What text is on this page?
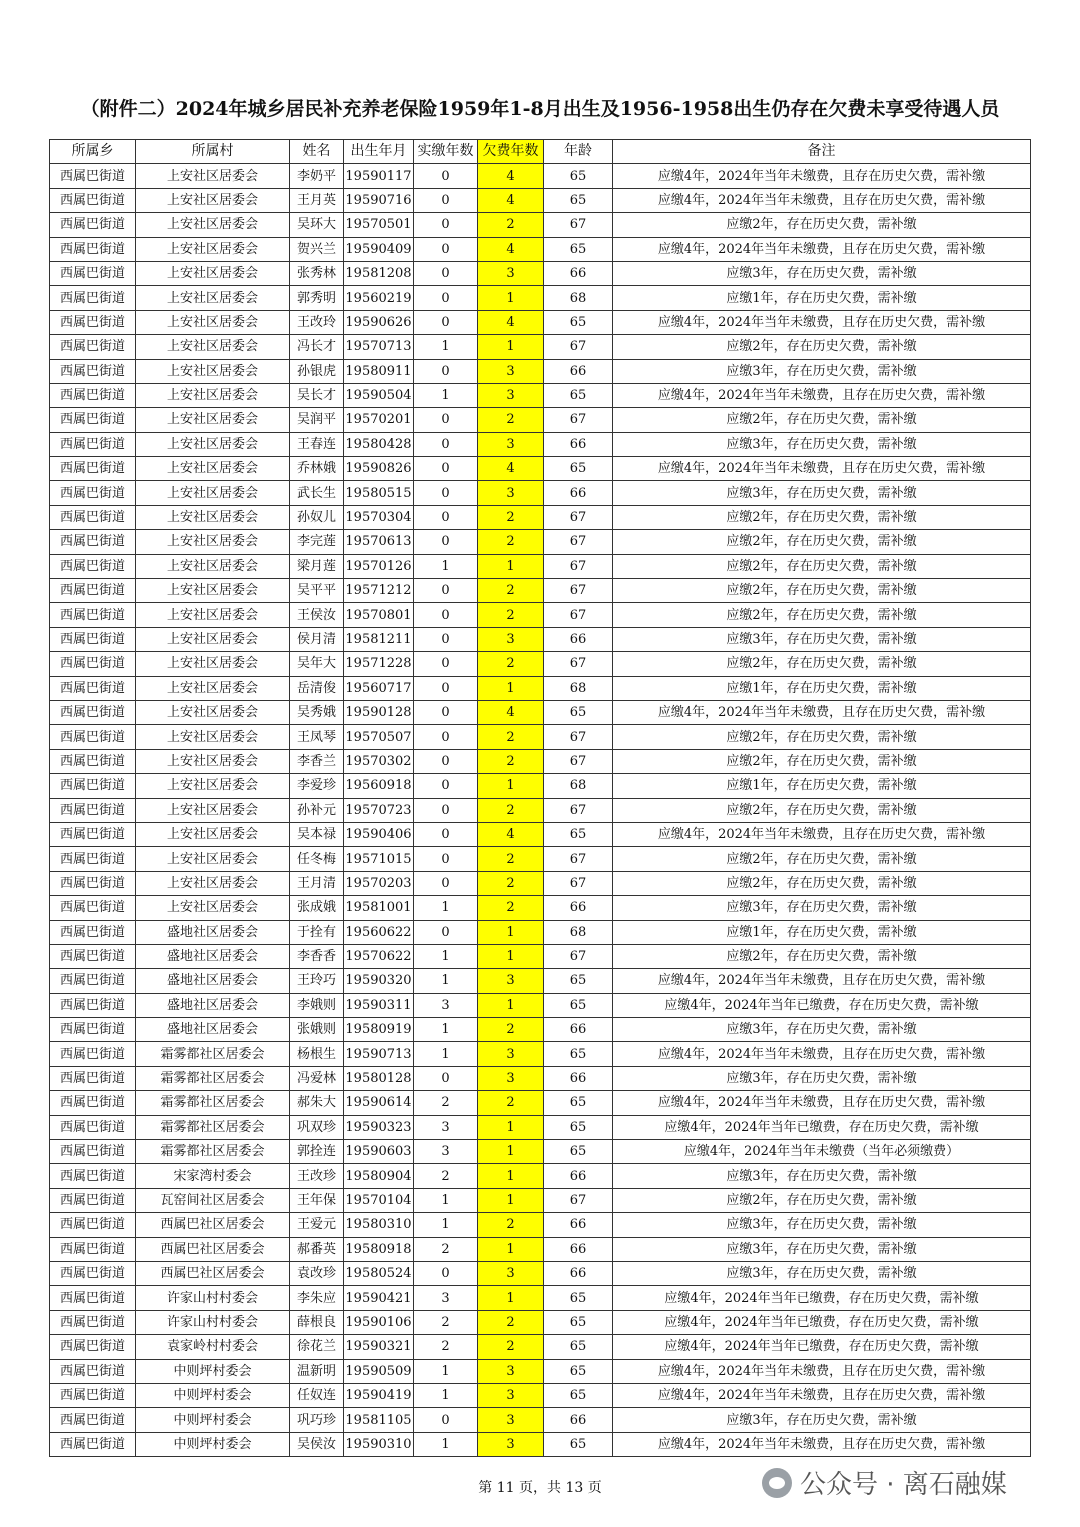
（附件二）2024年城乡居民补充养老保险1959年1-8月出生及1956-1958出生仍存在欠费未享受待遇人员
所属乡	所属村	姓名	出生年月	实缴年数	欠费年数	年龄	备注
西属巴街道	上安社区居委会	李奶平	19590117	0	4	65	应缴4年，2024年当年未缴费，且存在历史欠费，需补缴
西属巴街道	上安社区居委会	王月英	19590716	0	4	65	应缴4年，2024年当年未缴费，且存在历史欠费，需补缴
西属巴街道	上安社区居委会	吴环大	19570501	0	2	67	应缴2年，存在历史欠费，需补缴
西属巴街道	上安社区居委会	贺兴兰	19590409	0	4	65	应缴4年，2024年当年未缴费，且存在历史欠费，需补缴
西属巴街道	上安社区居委会	张秀林	19581208	0	3	66	应缴3年，存在历史欠费，需补缴
西属巴街道	上安社区居委会	郭秀明	19560219	0	1	68	应缴1年，存在历史欠费，需补缴
西属巴街道	上安社区居委会	王改玲	19590626	0	4	65	应缴4年，2024年当年未缴费，且存在历史欠费，需补缴
西属巴街道	上安社区居委会	冯长才	19570713	1	1	67	应缴2年，存在历史欠费，需补缴
西属巴街道	上安社区居委会	孙银虎	19580911	0	3	66	应缴3年，存在历史欠费，需补缴
西属巴街道	上安社区居委会	吴长才	19590504	1	3	65	应缴4年，2024年当年未缴费，且存在历史欠费，需补缴
西属巴街道	上安社区居委会	吴润平	19570201	0	2	67	应缴2年，存在历史欠费，需补缴
西属巴街道	上安社区居委会	王春连	19580428	0	3	66	应缴3年，存在历史欠费，需补缴
西属巴街道	上安社区居委会	乔林娥	19590826	0	4	65	应缴4年，2024年当年未缴费，且存在历史欠费，需补缴
西属巴街道	上安社区居委会	武长生	19580515	0	3	66	应缴3年，存在历史欠费，需补缴
西属巴街道	上安社区居委会	孙奴儿	19570304	0	2	67	应缴2年，存在历史欠费，需补缴
西属巴街道	上安社区居委会	李完莲	19570613	0	2	67	应缴2年，存在历史欠费，需补缴
西属巴街道	上安社区居委会	梁月莲	19570126	1	1	67	应缴2年，存在历史欠费，需补缴
西属巴街道	上安社区居委会	吴平平	19571212	0	2	67	应缴2年，存在历史欠费，需补缴
西属巴街道	上安社区居委会	王侯汝	19570801	0	2	67	应缴2年，存在历史欠费，需补缴
西属巴街道	上安社区居委会	侯月清	19581211	0	3	66	应缴3年，存在历史欠费，需补缴
西属巴街道	上安社区居委会	吴年大	19571228	0	2	67	应缴2年，存在历史欠费，需补缴
西属巴街道	上安社区居委会	岳清俊	19560717	0	1	68	应缴1年，存在历史欠费，需补缴
西属巴街道	上安社区居委会	吴秀娥	19590128	0	4	65	应缴4年，2024年当年未缴费，且存在历史欠费，需补缴
西属巴街道	上安社区居委会	王凤琴	19570507	0	2	67	应缴2年，存在历史欠费，需补缴
西属巴街道	上安社区居委会	李香兰	19570302	0	2	67	应缴2年，存在历史欠费，需补缴
西属巴街道	上安社区居委会	李爱珍	19560918	0	1	68	应缴1年，存在历史欠费，需补缴
西属巴街道	上安社区居委会	孙补元	19570723	0	2	67	应缴2年，存在历史欠费，需补缴
西属巴街道	上安社区居委会	吴本禄	19590406	0	4	65	应缴4年，2024年当年未缴费，且存在历史欠费，需补缴
西属巴街道	上安社区居委会	任冬梅	19571015	0	2	67	应缴2年，存在历史欠费，需补缴
西属巴街道	上安社区居委会	王月清	19570203	0	2	67	应缴2年，存在历史欠费，需补缴
西属巴街道	上安社区居委会	张成娥	19581001	1	2	66	应缴3年，存在历史欠费，需补缴
西属巴街道	盛地社区居委会	于拴有	19560622	0	1	68	应缴1年，存在历史欠费，需补缴
西属巴街道	盛地社区居委会	李香香	19570622	1	1	67	应缴2年，存在历史欠费，需补缴
西属巴街道	盛地社区居委会	王玲巧	19590320	1	3	65	应缴4年，2024年当年未缴费，且存在历史欠费，需补缴
西属巴街道	盛地社区居委会	李娥则	19590311	3	1	65	应缴4年，2024年当年已缴费，存在历史欠费，需补缴
西属巴街道	盛地社区居委会	张娥则	19580919	1	2	66	应缴3年，存在历史欠费，需补缴
西属巴街道	霜雾都社区居委会	杨根生	19590713	1	3	65	应缴4年，2024年当年未缴费，且存在历史欠费，需补缴
西属巴街道	霜雾都社区居委会	冯爱林	19580128	0	3	66	应缴3年，存在历史欠费，需补缴
西属巴街道	霜雾都社区居委会	郝朱大	19590614	2	2	65	应缴4年，2024年当年未缴费，且存在历史欠费，需补缴
西属巴街道	霜雾都社区居委会	巩双珍	19590323	3	1	65	应缴4年，2024年当年已缴费，存在历史欠费，需补缴
西属巴街道	霜雾都社区居委会	郭拴连	19590603	3	1	65	应缴4年，2024年当年未缴费（当年必须缴费）
西属巴街道	宋家湾村委会	王改珍	19580904	2	1	66	应缴3年，存在历史欠费，需补缴
西属巴街道	瓦窑间社区居委会	王年保	19570104	1	1	67	应缴2年，存在历史欠费，需补缴
西属巴街道	西属巴社区居委会	王爱元	19580310	1	2	66	应缴3年，存在历史欠费，需补缴
西属巴街道	西属巴社区居委会	郝番英	19580918	2	1	66	应缴3年，存在历史欠费，需补缴
西属巴街道	西属巴社区居委会	袁改珍	19580524	0	3	66	应缴3年，存在历史欠费，需补缴
西属巴街道	许家山村村委会	李朱应	19590421	3	1	65	应缴4年，2024年当年已缴费，存在历史欠费，需补缴
西属巴街道	许家山村村委会	薛根良	19590106	2	2	65	应缴4年，2024年当年已缴费，存在历史欠费，需补缴
西属巴街道	袁家岭村村委会	徐花兰	19590321	2	2	65	应缴4年，2024年当年已缴费，存在历史欠费，需补缴
西属巴街道	中则坪村委会	温新明	19590509	1	3	65	应缴4年，2024年当年未缴费，且存在历史欠费，需补缴
西属巴街道	中则坪村委会	任奴连	19590419	1	3	65	应缴4年，2024年当年未缴费，且存在历史欠费，需补缴
西属巴街道	中则坪村委会	巩巧珍	19581105	0	3	66	应缴3年，存在历史欠费，需补缴
西属巴街道	中则坪村委会	吴侯汝	19590310	1	3	65	应缴4年，2024年当年未缴费，且存在历史欠费，需补缴
第 11 页，共 13 页	公众号 · 离石融媒
